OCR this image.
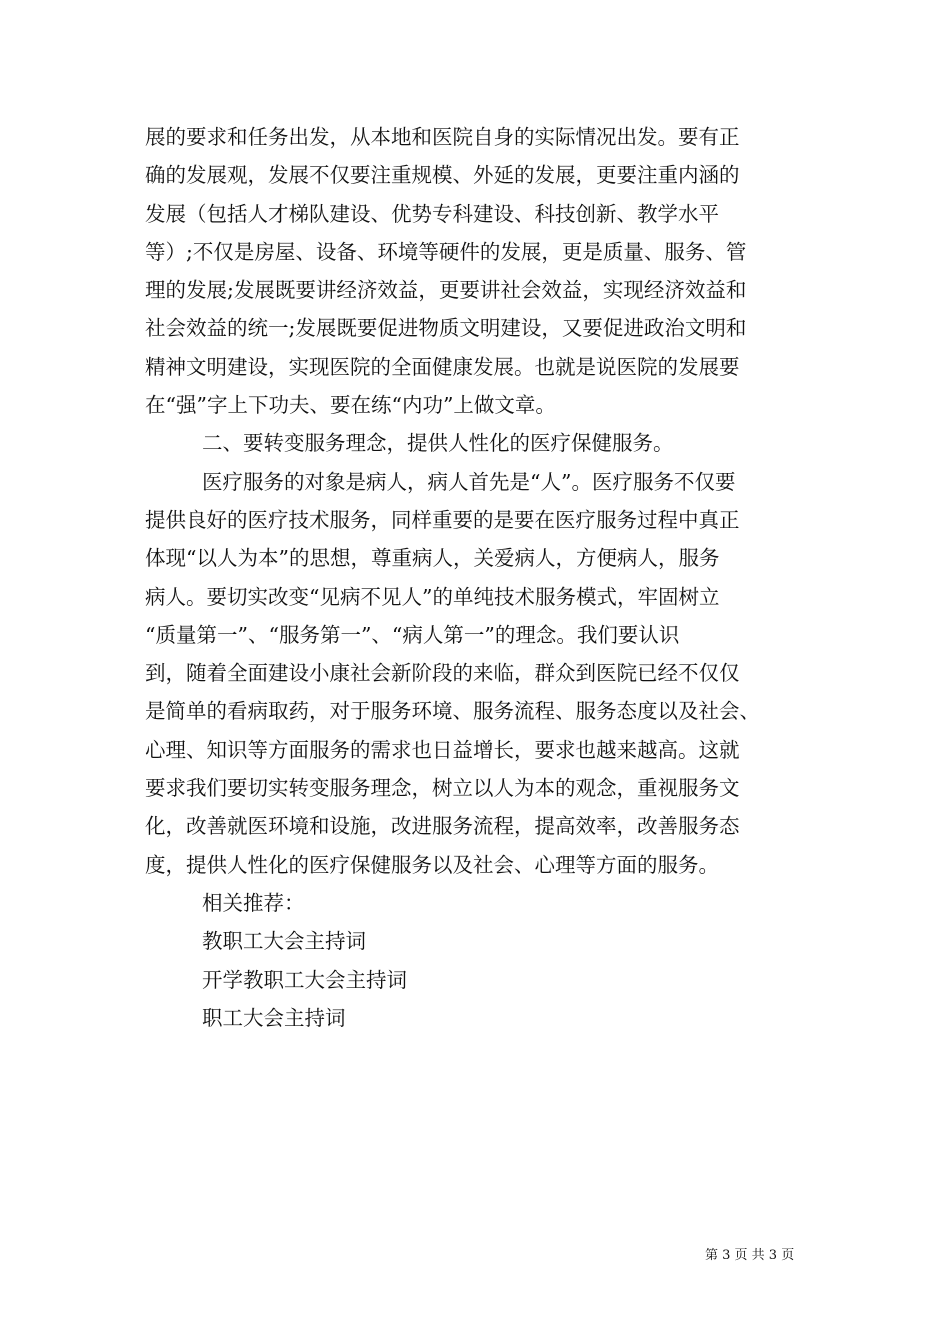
展的要求和任务出发，从本地和医院自身的实际情况出发。要有正
确的发展观，发展不仅要注重规模、外延的发展，更要注重内涵的
发展（包括人才梯队建设、优势专科建设、科技创新、教学水平
等）;不仅是房屋、设备、环境等硬件的发展，更是质量、服务、管
理的发展;发展既要讲经济效益，更要讲社会效益，实现经济效益和
社会效益的统一;发展既要促进物质文明建设，又要促进政治文明和
精神文明建设，实现医院的全面健康发展。也就是说医院的发展要
在“强”字上下功夫、要在练“内功”上做文章。
二、要转变服务理念，提供人性化的医疗保健服务。
医疗服务的对象是病人，病人首先是“人”。医疗服务不仅要
提供良好的医疗技术服务，同样重要的是要在医疗服务过程中真正
体现“以人为本”的思想，尊重病人，关爱病人，方便病人，服务
病人。要切实改变“见病不见人”的单纯技术服务模式，牢固树立
“质量第一”、“服务第一”、“病人第一”的理念。我们要认识
到，随着全面建设小康社会新阶段的来临，群众到医院已经不仅仅
是简单的看病取药，对于服务环境、服务流程、服务态度以及社会、
心理、知识等方面服务的需求也日益增长，要求也越来越高。这就
要求我们要切实转变服务理念，树立以人为本的观念，重视服务文
化，改善就医环境和设施，改进服务流程，提高效率，改善服务态
度，提供人性化的医疗保健服务以及社会、心理等方面的服务。
相关推荐：
教职工大会主持词
开学教职工大会主持词
职工大会主持词
第 3 页 共 3 页
